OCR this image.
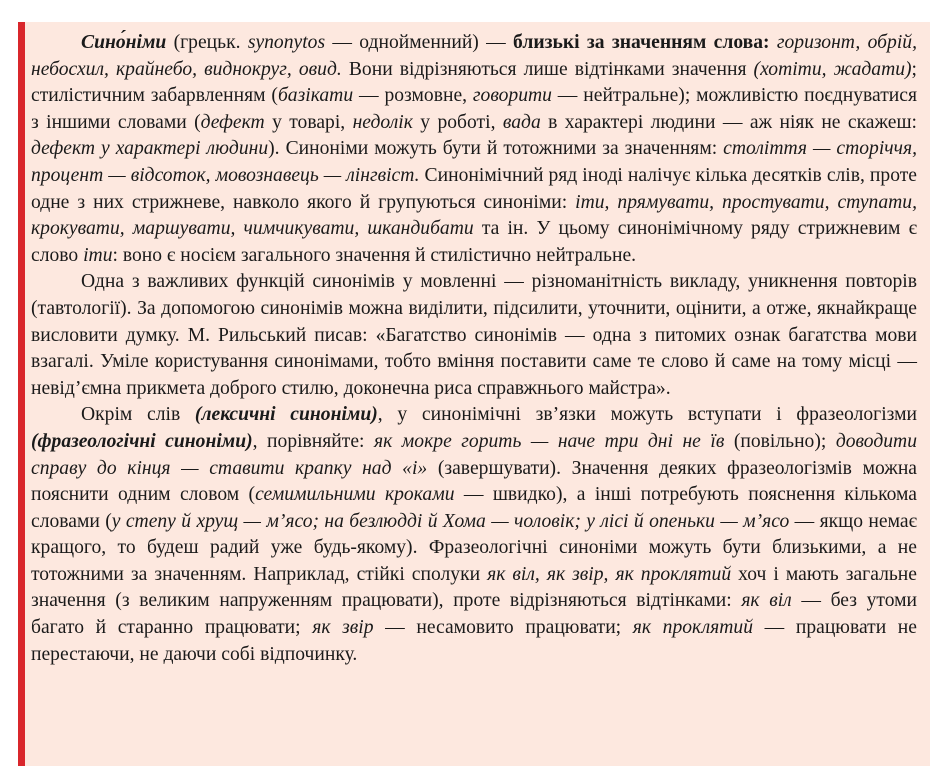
Сино́німи (грецьк. synonytos — однойменний) — близькі за значенням слова: горизонт, обрій, небосхил, крайнебо, виднокруг, овид. Вони відрізняються лише відтінками значення (хотіти, жадати); стилістичним забарвленням (базікати — розмовне, говорити — нейтральне); можливістю поєднуватися з іншими словами (дефект у товарі, недолік у роботі, вада в характері людини — аж ніяк не скажеш: дефект у характері людини). Синоніми можуть бути й тотожними за значенням: століття — сторіччя, процент — відсоток, мовознавець — лінгвіст. Синонімічний ряд іноді налічує кілька десятків слів, проте одне з них стрижневе, навколо якого й групуються синоніми: іти, прямувати, простувати, ступати, крокувати, маршувати, чимчикувати, шкандибати та ін. У цьому синонімічному ряду стрижневим є слово іти: воно є носієм загального значення й стилістично нейтральне.

Одна з важливих функцій синонімів у мовленні — різноманітність викладу, уникнення повторів (тавтології). За допомогою синонімів можна виділити, підсилити, уточнити, оцінити, а отже, якнайкраще висловити думку. М. Рильський писав: «Багатство синонімів — одна з питомих ознак багатства мови взагалі. Уміле користування синонімами, тобто вміння поставити саме те слово й саме на тому місці — невід’ємна прикмета доброго стилю, доконечна риса справжнього майстра».

Окрім слів (лексичні синоніми), у синонімічні зв’язки можуть вступати і фразеологізми (фразеологічні синоніми), порівняйте: як мокре горить — наче три дні не їв (повільно); доводити справу до кінця — ставити крапку над «і» (завершувати). Значення деяких фразеологізмів можна пояснити одним словом (семимильними кроками — швидко), а інші потребують пояснення кількома словами (у степу й хрущ — м’ясо; на безлюдді й Хома — чоловік; у лісі й опеньки — м’ясо — якщо немає кращого, то будеш радий уже будь-якому). Фразеологічні синоніми можуть бути близькими, а не тотожними за значенням. Наприклад, стійкі сполуки як віл, як звір, як проклятий хоч і мають загальне значення (з великим напруженням працювати), проте відрізняються відтінками: як віл — без утоми багато й старанно працювати; як звір — несамовито працювати; як проклятий — працювати не перестаючи, не даючи собі відпочинку.
